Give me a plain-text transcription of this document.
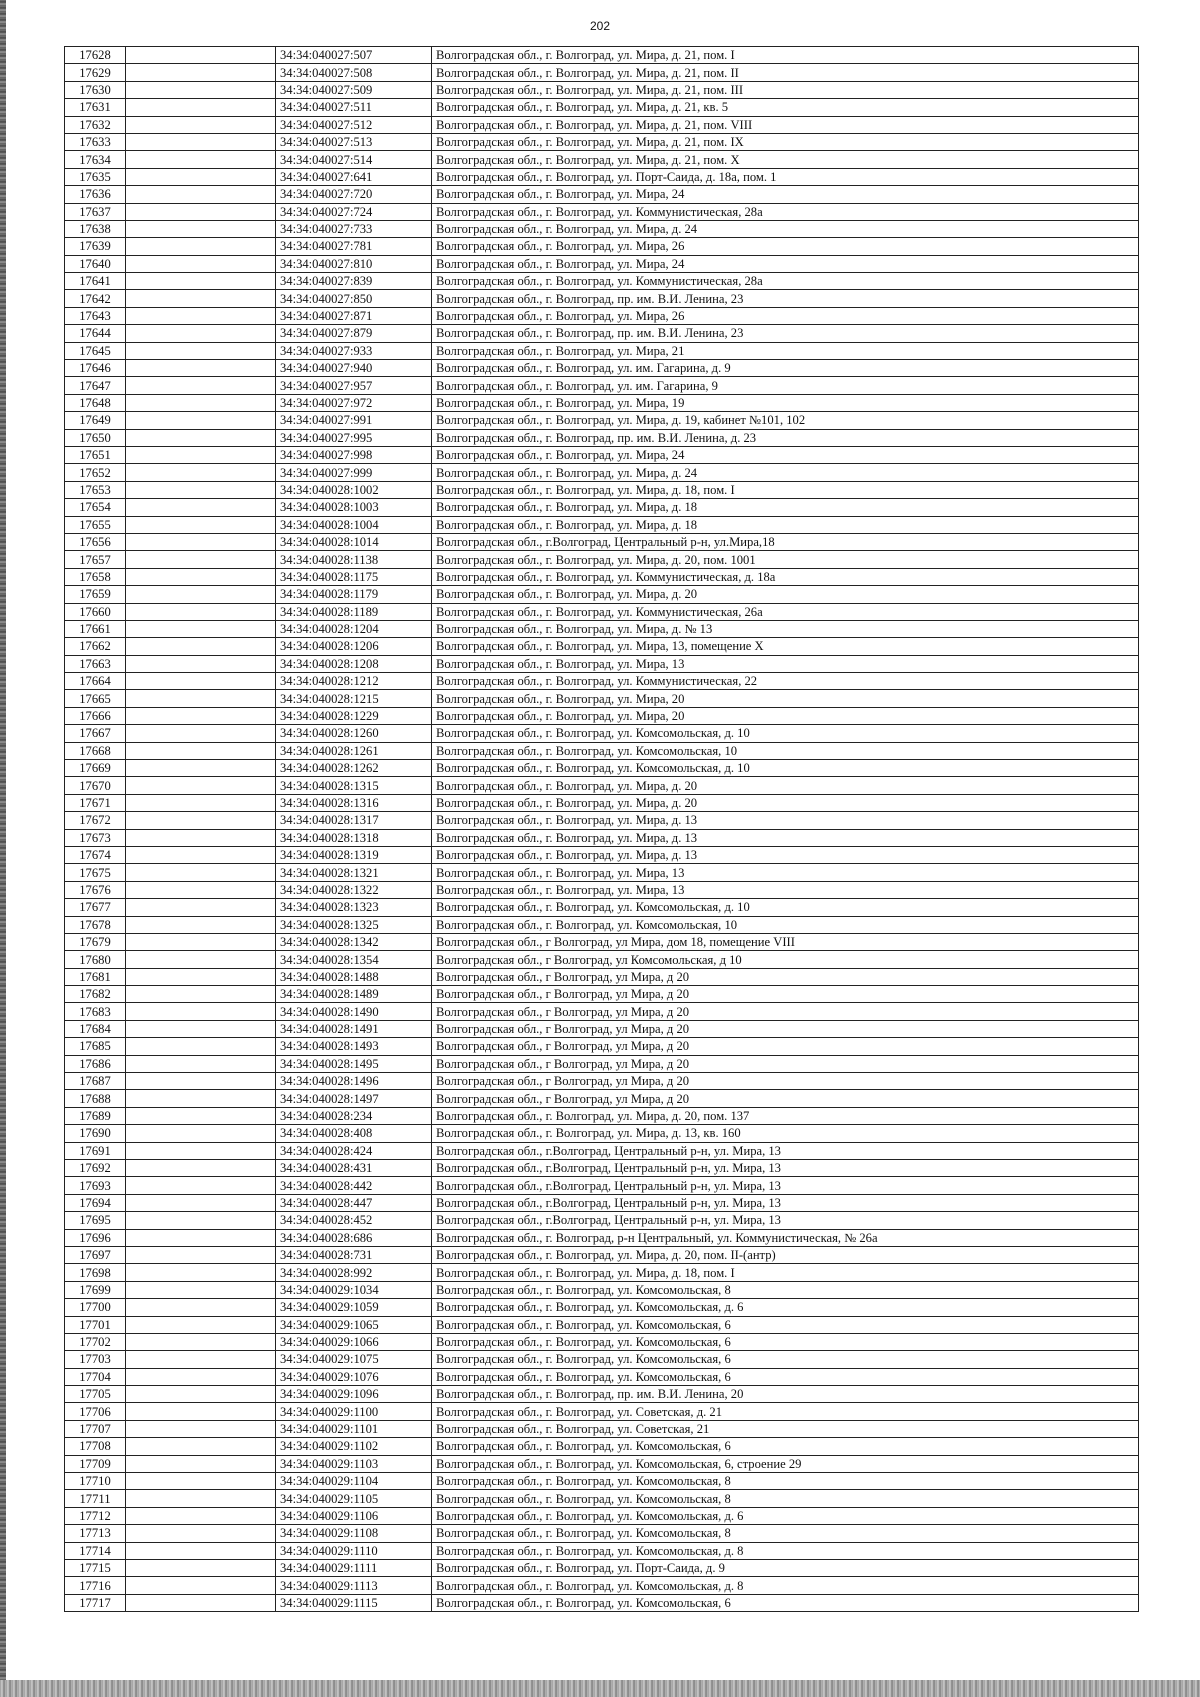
202
17628		34:34:040027:507	Волгоградская обл., г. Волгоград, ул. Мира, д. 21, пом. I
17629		34:34:040027:508	Волгоградская обл., г. Волгоград, ул. Мира, д. 21, пом. II
17630		34:34:040027:509	Волгоградская обл., г. Волгоград, ул. Мира, д. 21, пом. III
17631		34:34:040027:511	Волгоградская обл., г. Волгоград, ул. Мира, д. 21, кв. 5
17632		34:34:040027:512	Волгоградская обл., г. Волгоград, ул. Мира, д. 21, пом. VIII
17633		34:34:040027:513	Волгоградская обл., г. Волгоград, ул. Мира, д. 21, пом. IX
17634		34:34:040027:514	Волгоградская обл., г. Волгоград, ул. Мира, д. 21, пом. X
17635		34:34:040027:641	Волгоградская обл., г. Волгоград, ул. Порт-Саида, д. 18а, пом. 1
17636		34:34:040027:720	Волгоградская обл., г. Волгоград, ул. Мира, 24
17637		34:34:040027:724	Волгоградская обл., г. Волгоград, ул. Коммунистическая, 28а
17638		34:34:040027:733	Волгоградская обл., г. Волгоград, ул. Мира, д. 24
17639		34:34:040027:781	Волгоградская обл., г. Волгоград, ул. Мира, 26
17640		34:34:040027:810	Волгоградская обл., г. Волгоград, ул. Мира, 24
17641		34:34:040027:839	Волгоградская обл., г. Волгоград, ул. Коммунистическая, 28а
17642		34:34:040027:850	Волгоградская обл., г. Волгоград, пр. им. В.И. Ленина, 23
17643		34:34:040027:871	Волгоградская обл., г. Волгоград, ул. Мира, 26
17644		34:34:040027:879	Волгоградская обл., г. Волгоград, пр. им. В.И. Ленина, 23
17645		34:34:040027:933	Волгоградская обл., г. Волгоград, ул. Мира, 21
17646		34:34:040027:940	Волгоградская обл., г. Волгоград, ул. им. Гагарина, д. 9
17647		34:34:040027:957	Волгоградская обл., г. Волгоград, ул. им. Гагарина, 9
17648		34:34:040027:972	Волгоградская обл., г. Волгоград, ул. Мира, 19
17649		34:34:040027:991	Волгоградская обл., г. Волгоград, ул. Мира, д. 19, кабинет №101, 102
17650		34:34:040027:995	Волгоградская обл., г. Волгоград, пр. им. В.И. Ленина, д. 23
17651		34:34:040027:998	Волгоградская обл., г. Волгоград, ул. Мира, 24
17652		34:34:040027:999	Волгоградская обл., г. Волгоград, ул. Мира, д. 24
17653		34:34:040028:1002	Волгоградская обл., г. Волгоград, ул. Мира, д. 18, пом. I
17654		34:34:040028:1003	Волгоградская обл., г. Волгоград, ул. Мира, д. 18
17655		34:34:040028:1004	Волгоградская обл., г. Волгоград, ул. Мира, д. 18
17656		34:34:040028:1014	Волгоградская обл., г.Волгоград, Центральный р-н, ул.Мира,18
17657		34:34:040028:1138	Волгоградская обл., г. Волгоград, ул. Мира, д. 20, пом. 1001
17658		34:34:040028:1175	Волгоградская обл., г. Волгоград, ул. Коммунистическая, д. 18а
17659		34:34:040028:1179	Волгоградская обл., г. Волгоград, ул. Мира, д. 20
17660		34:34:040028:1189	Волгоградская обл., г. Волгоград, ул. Коммунистическая, 26а
17661		34:34:040028:1204	Волгоградская обл., г. Волгоград, ул. Мира, д. № 13
17662		34:34:040028:1206	Волгоградская обл., г. Волгоград, ул. Мира, 13, помещение X
17663		34:34:040028:1208	Волгоградская обл., г. Волгоград, ул. Мира, 13
17664		34:34:040028:1212	Волгоградская обл., г. Волгоград, ул. Коммунистическая, 22
17665		34:34:040028:1215	Волгоградская обл., г. Волгоград, ул. Мира, 20
17666		34:34:040028:1229	Волгоградская обл., г. Волгоград, ул. Мира, 20
17667		34:34:040028:1260	Волгоградская обл., г. Волгоград, ул. Комсомольская, д. 10
17668		34:34:040028:1261	Волгоградская обл., г. Волгоград, ул. Комсомольская, 10
17669		34:34:040028:1262	Волгоградская обл., г. Волгоград, ул. Комсомольская, д. 10
17670		34:34:040028:1315	Волгоградская обл., г. Волгоград, ул. Мира, д. 20
17671		34:34:040028:1316	Волгоградская обл., г. Волгоград, ул. Мира, д. 20
17672		34:34:040028:1317	Волгоградская обл., г. Волгоград, ул. Мира, д. 13
17673		34:34:040028:1318	Волгоградская обл., г. Волгоград, ул. Мира, д. 13
17674		34:34:040028:1319	Волгоградская обл., г. Волгоград, ул. Мира, д. 13
17675		34:34:040028:1321	Волгоградская обл., г. Волгоград, ул. Мира, 13
17676		34:34:040028:1322	Волгоградская обл., г. Волгоград, ул. Мира, 13
17677		34:34:040028:1323	Волгоградская обл., г. Волгоград, ул. Комсомольская, д. 10
17678		34:34:040028:1325	Волгоградская обл., г. Волгоград, ул. Комсомольская, 10
17679		34:34:040028:1342	Волгоградская обл., г Волгоград, ул Мира, дом 18, помещение VIII
17680		34:34:040028:1354	Волгоградская обл., г Волгоград, ул Комсомольская, д 10
17681		34:34:040028:1488	Волгоградская обл., г Волгоград, ул Мира, д 20
17682		34:34:040028:1489	Волгоградская обл., г Волгоград, ул Мира, д 20
17683		34:34:040028:1490	Волгоградская обл., г Волгоград, ул Мира, д 20
17684		34:34:040028:1491	Волгоградская обл., г Волгоград, ул Мира, д 20
17685		34:34:040028:1493	Волгоградская обл., г Волгоград, ул Мира, д 20
17686		34:34:040028:1495	Волгоградская обл., г Волгоград, ул Мира, д 20
17687		34:34:040028:1496	Волгоградская обл., г Волгоград, ул Мира, д 20
17688		34:34:040028:1497	Волгоградская обл., г Волгоград, ул Мира, д 20
17689		34:34:040028:234	Волгоградская обл., г. Волгоград, ул. Мира, д. 20, пом. 137
17690		34:34:040028:408	Волгоградская обл., г. Волгоград, ул. Мира, д. 13, кв. 160
17691		34:34:040028:424	Волгоградская обл., г.Волгоград, Центральный р-н, ул. Мира, 13
17692		34:34:040028:431	Волгоградская обл., г.Волгоград, Центральный р-н, ул. Мира, 13
17693		34:34:040028:442	Волгоградская обл., г.Волгоград, Центральный р-н, ул. Мира, 13
17694		34:34:040028:447	Волгоградская обл., г.Волгоград, Центральный р-н, ул. Мира, 13
17695		34:34:040028:452	Волгоградская обл., г.Волгоград, Центральный р-н, ул. Мира, 13
17696		34:34:040028:686	Волгоградская обл., г. Волгоград, р-н Центральный, ул. Коммунистическая, № 26а
17697		34:34:040028:731	Волгоградская обл., г. Волгоград, ул. Мира, д. 20, пом. II-(антр)
17698		34:34:040028:992	Волгоградская обл., г. Волгоград, ул. Мира, д. 18, пом. I
17699		34:34:040029:1034	Волгоградская обл., г. Волгоград, ул. Комсомольская, 8
17700		34:34:040029:1059	Волгоградская обл., г. Волгоград, ул. Комсомольская, д. 6
17701		34:34:040029:1065	Волгоградская обл., г. Волгоград, ул. Комсомольская, 6
17702		34:34:040029:1066	Волгоградская обл., г. Волгоград, ул. Комсомольская, 6
17703		34:34:040029:1075	Волгоградская обл., г. Волгоград, ул. Комсомольская, 6
17704		34:34:040029:1076	Волгоградская обл., г. Волгоград, ул. Комсомольская, 6
17705		34:34:040029:1096	Волгоградская обл., г. Волгоград, пр. им. В.И. Ленина, 20
17706		34:34:040029:1100	Волгоградская обл., г. Волгоград, ул. Советская, д. 21
17707		34:34:040029:1101	Волгоградская обл., г. Волгоград, ул. Советская, 21
17708		34:34:040029:1102	Волгоградская обл., г. Волгоград, ул. Комсомольская, 6
17709		34:34:040029:1103	Волгоградская обл., г. Волгоград, ул. Комсомольская, 6, строение 29
17710		34:34:040029:1104	Волгоградская обл., г. Волгоград, ул. Комсомольская, 8
17711		34:34:040029:1105	Волгоградская обл., г. Волгоград, ул. Комсомольская, 8
17712		34:34:040029:1106	Волгоградская обл., г. Волгоград, ул. Комсомольская, д. 6
17713		34:34:040029:1108	Волгоградская обл., г. Волгоград, ул. Комсомольская, 8
17714		34:34:040029:1110	Волгоградская обл., г. Волгоград, ул. Комсомольская, д. 8
17715		34:34:040029:1111	Волгоградская обл., г. Волгоград, ул. Порт-Саида, д. 9
17716		34:34:040029:1113	Волгоградская обл., г. Волгоград, ул. Комсомольская, д. 8
17717		34:34:040029:1115	Волгоградская обл., г. Волгоград, ул. Комсомольская, 6
